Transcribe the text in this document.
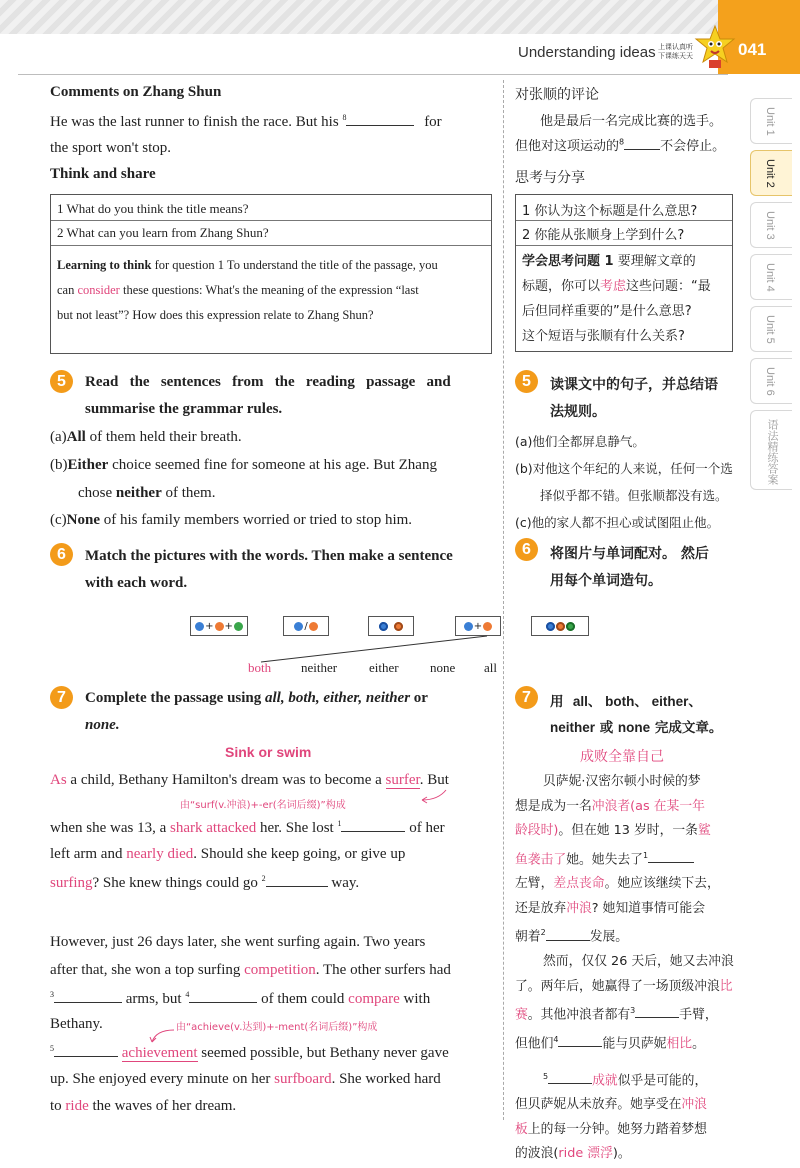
Understanding ideas 上课认真听
下课练天天	041
Unit 1
Unit 2
Unit 3
Unit 4
Unit 5
Unit 6
语法精练答案
Comments on Zhang Shun
He was the last runner to finish the race. But his $^8$	for
the sport won't stop.
Think and share
1 What do you think the title means?
2 What can you learn from Zhang Shun?
Learning to think for question 1 To understand the title of the passage, you
can consider these questions: What's the meaning of the expression “last
but not least”? How does this expression relate to Zhang Shun?
对张顺的评论
他是最后一名完成比赛的选手。
但他对这项运动的$^8$	不会停止。
思考与分享
1 你认为这个标题是什么意思?
2 你能从张顺身上学到什么?
学会思考问题 1 要理解文章的
标题，你可以考虑这些问题：“最
后但同样重要的”是什么意思?
这个短语与张顺有什么关系?
5	Read   the   sentences   from   the   reading   passage   and
summarise the grammar rules.
(a)All of them held their breath.
(b)Either choice seemed fine for someone at his age. But Zhang
chose neither of them.
(c)None of his family members worried or tried to stop him.
5	读课文中的句子，并总结语
法规则。
(a)他们全都屏息静气。
(b)对他这个年纪的人来说，任何一个选
择似乎都不错。但张顺都没有选。
(c)他的家人都不担心或试图阻止他。
6	Match the pictures with the words. Then make a sentence
with each word.
6	将图片与单词配对。 然后
用每个单词造句。
+ +	/
	+
both neither either none all
7	Complete the passage using all, both, either, neither or
none.
Sink or swim
As a child, Bethany Hamilton's dream was to become a surfer. But
由“surf(v.冲浪)+-er(名词后缀)”构成
when she was 13, a shark attacked her. She lost $^1$	of her
left arm and nearly died. Should she keep going, or give up
surfing? She knew things could go $^2$	way.
However, just 26 days later, she went surfing again. Two years
after that, she won a top surfing competition. The other surfers had
$^3$	arms, but $^4$	of them could compare with
Bethany.	由“achieve(v.达到)+-ment(名词后缀)”构成
$^5$	achievement seemed possible, but Bethany never gave
up. She enjoyed every minute on her surfboard. She worked hard
to ride the waves of her dream.
7	用 all、 both、 either、
neither 或 none 完成文章。
成败全靠自己
贝萨妮·汉密尔顿小时候的梦
想是成为一名冲浪者(as 在某一年
龄段时)。但在她 13 岁时，一条鲨
鱼袭击了她。她失去了$^1$
左臂，差点丧命。她应该继续下去，
还是放弃冲浪? 她知道事情可能会
朝着$^2$	发展。
然而，仅仅 26 天后，她又去冲浪
了。两年后，她赢得了一场顶级冲浪比
赛。其他冲浪者都有$^3$	手臂，
但他们$^4$	能与贝萨妮相比。
$^5$	成就似乎是可能的，
但贝萨妮从未放弃。她享受在冲浪
板上的每一分钟。她努力踏着梦想
的波浪(ride 漂浮)。
